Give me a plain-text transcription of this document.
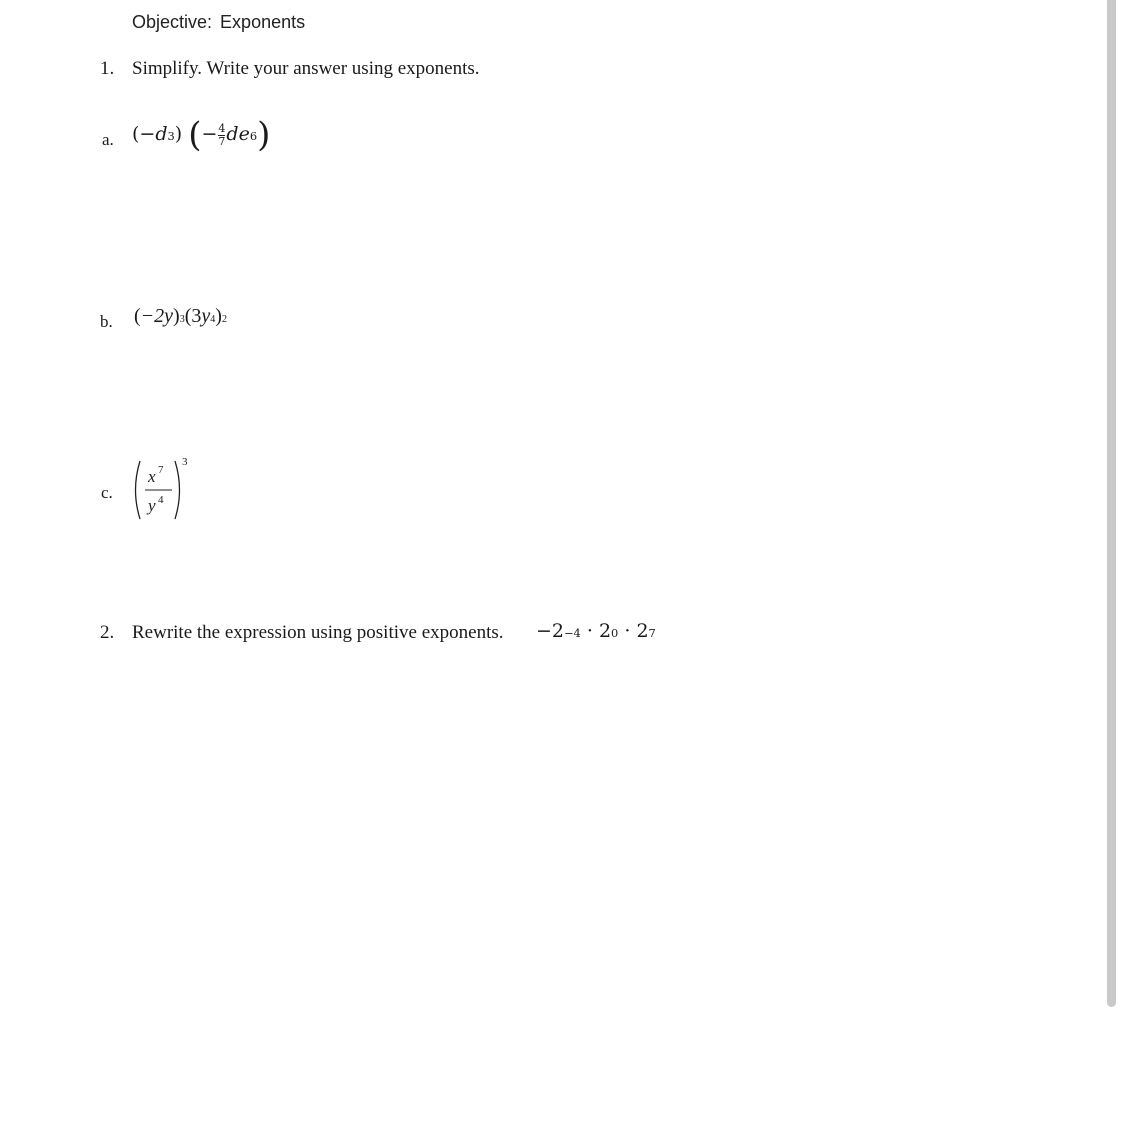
Objective: Exponents
1. Simplify. Write your answer using exponents.
a. $(-d^3)$ (− $\frac{4}{7} de^6$)
b. $(-2y)^3(3y^4)^2$
c.
x 7
y 4
3
2. Rewrite the expression using positive exponents. $-2^{-4} \cdot 2^0 \cdot 2^7$
